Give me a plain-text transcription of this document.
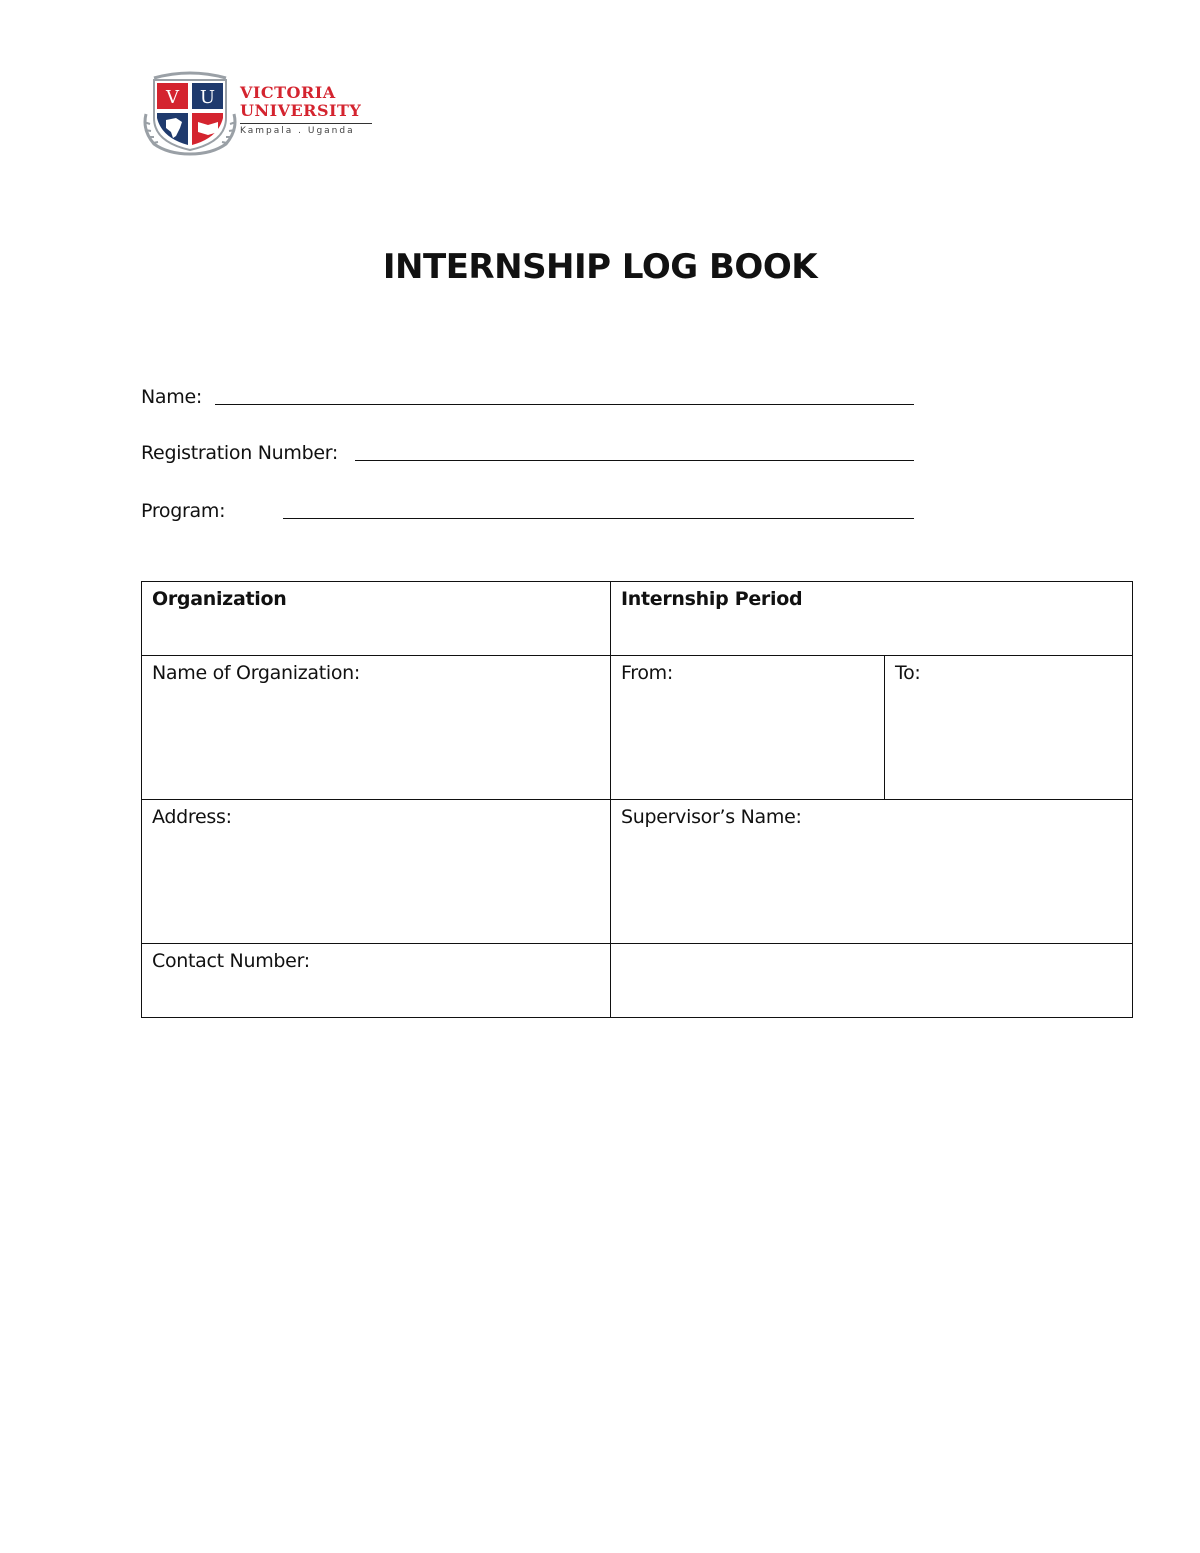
V U VICTORIA

UNIVERSITY

Kampala . Uganda

INTERNSHIP LOG BOOK
Name:
Registration Number:
Program:
Organization	Internship Period	
Name of Organization:	From:	To:
Address:	Supervisor’s Name:	
Contact Number:		
